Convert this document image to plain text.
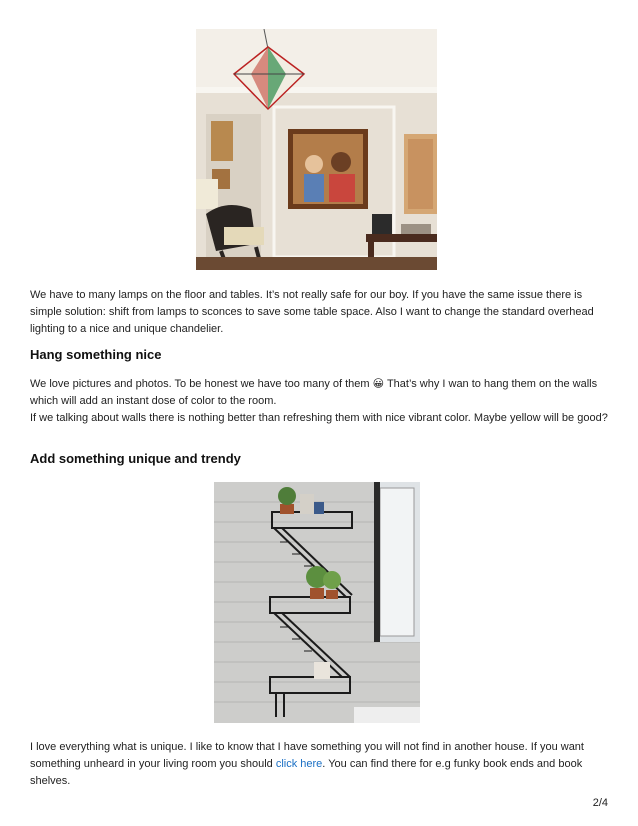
We have to many lamps on the floor and tables. It’s not really safe for our boy. If you have the same issue there is simple solution: shift from lamps to sconces to save some table space. Also I want to change the standard overhead lighting to a nice and unique chandelier.

Hang something nice

We love pictures and photos. To be honest we have too many of them 😀 That’s why I wan to hang them on the walls which will add an instant dose of color to the room.

If we talking about walls there is nothing better than refreshing them with nice vibrant color. Maybe yellow will be good?

Add something unique and trendy

I love everything what is unique. I like to know that I have something you will not find in another house. If you want something unheard in your living room you should click here. You can find there for e.g funky book ends and book shelves.

2/4
